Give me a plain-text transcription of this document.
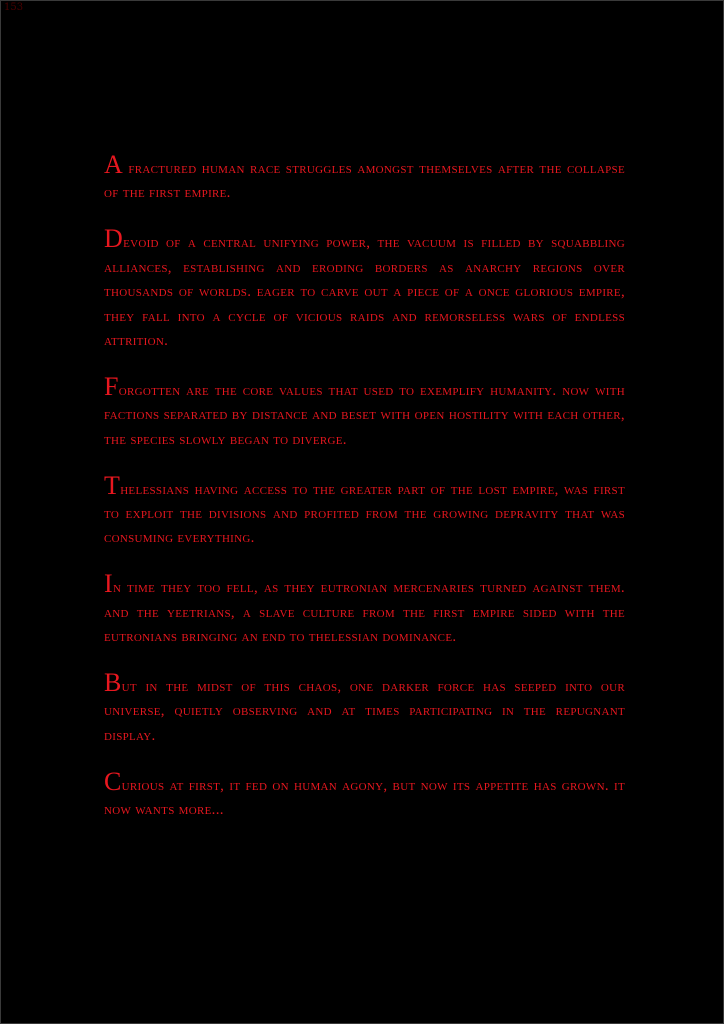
153

A fractured human race struggles amongst themselves after the collapse of the first empire.

Devoid of a central unifying power, the vacuum is filled by squabbling alliances, establishing and eroding borders as anarchy regions over thousands of worlds. eager to carve out a piece of a once glorious empire, they fall into a cycle of vicious raids and remorseless wars of endless attrition.

Forgotten are the core values that used to exemplify humanity. now with factions separated by distance and beset with open hostility with each other, the species slowly began to diverge.

Thelessians having access to the greater part of the lost empire, was first to exploit the divisions and profited from the growing depravity that was consuming everything.

In time they too fell, as they eutronian mercenaries turned against them. and the yeetrians, a slave culture from the first empire sided with the eutronians bringing an end to thelessian dominance.

But in the midst of this chaos, one darker force has seeped into our universe, quietly observing and at times participating in the repugnant display.

Curious at first, it fed on human agony, but now its appetite has grown. it now wants more...
